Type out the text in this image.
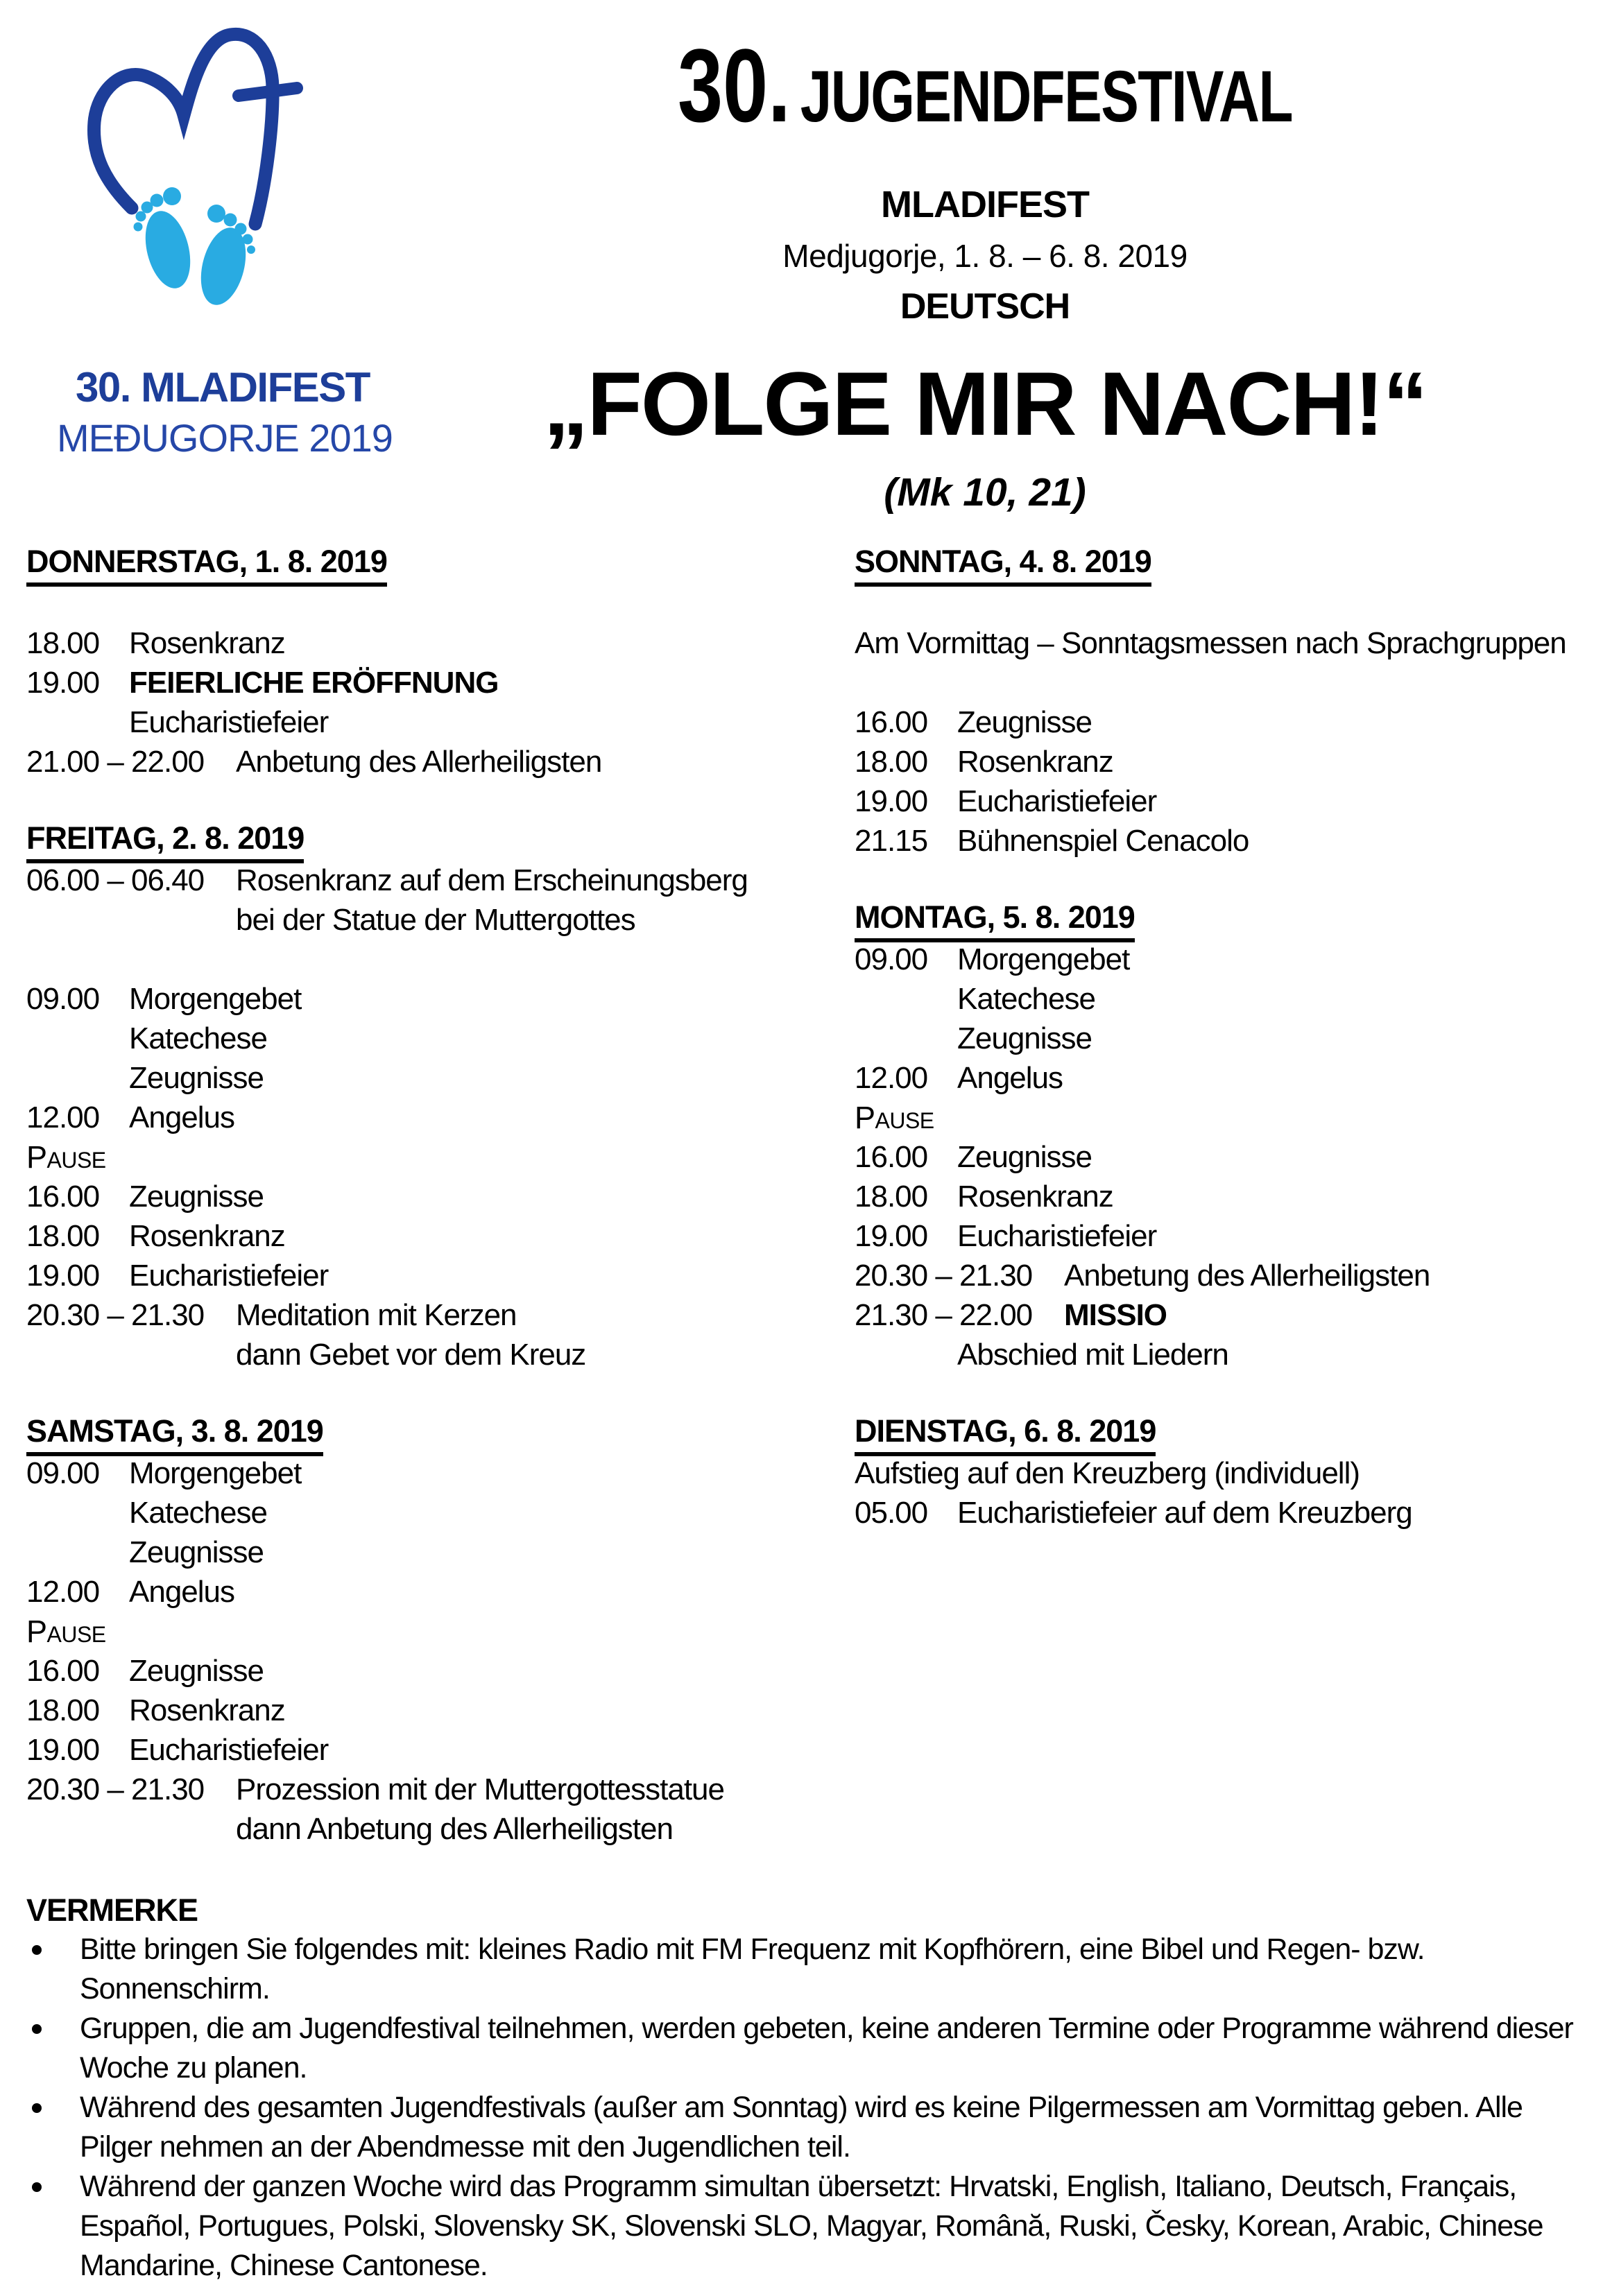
30. MLADIFEST
MEĐUGORJE 2019
30. JUGENDFESTIVAL
MLADIFEST
Medjugorje, 1. 8. – 6. 8. 2019
DEUTSCH
„FOLGE MIR NACH!“
(Mk 10, 21)
DONNERSTAG, 1. 8. 2019
18.00 Rosenkranz
19.00 FEIERLICHE ERÖFFNUNG
Eucharistiefeier
21.00 – 22.00 Anbetung des Allerheiligsten
FREITAG, 2. 8. 2019
06.00 – 06.40 Rosenkranz auf dem Erscheinungsberg
bei der Statue der Muttergottes
09.00 Morgengebet
Katechese
Zeugnisse
12.00 Angelus
Pause
16.00 Zeugnisse
18.00 Rosenkranz
19.00 Eucharistiefeier
20.30 – 21.30 Meditation mit Kerzen
dann Gebet vor dem Kreuz
SAMSTAG, 3. 8. 2019
09.00 Morgengebet
Katechese
Zeugnisse
12.00 Angelus
Pause
16.00 Zeugnisse
18.00 Rosenkranz
19.00 Eucharistiefeier
20.30 – 21.30 Prozession mit der Muttergottesstatue
dann Anbetung des Allerheiligsten
SONNTAG, 4. 8. 2019
Am Vormittag – Sonntagsmessen nach Sprachgruppen
16.00 Zeugnisse
18.00 Rosenkranz
19.00 Eucharistiefeier
21.15 Bühnenspiel Cenacolo
MONTAG, 5. 8. 2019
09.00 Morgengebet
Katechese
Zeugnisse
12.00 Angelus
Pause
16.00 Zeugnisse
18.00 Rosenkranz
19.00 Eucharistiefeier
20.30 – 21.30 Anbetung des Allerheiligsten
21.30 – 22.00 MISSIO
Abschied mit Liedern
DIENSTAG, 6. 8. 2019
Aufstieg auf den Kreuzberg (individuell)
05.00 Eucharistiefeier auf dem Kreuzberg
VERMERKE
Bitte bringen Sie folgendes mit: kleines Radio mit FM Frequenz mit Kopfhörern, eine Bibel und Regen- bzw. Sonnenschirm.
Gruppen, die am Jugendfestival teilnehmen, werden gebeten, keine anderen Termine oder Programme während dieser Woche zu planen.
Während des gesamten Jugendfestivals (außer am Sonntag) wird es keine Pilgermessen am Vormittag geben. Alle Pilger nehmen an der Abendmesse mit den Jugendlichen teil.
Während der ganzen Woche wird das Programm simultan übersetzt: Hrvatski, English, Italiano, Deutsch, Français, Español, Portugues, Polski, Slovensky SK, Slovenski SLO, Magyar, Română, Ruski, Česky, Korean, Arabic, Chinese Mandarine, Chinese Cantonese.
